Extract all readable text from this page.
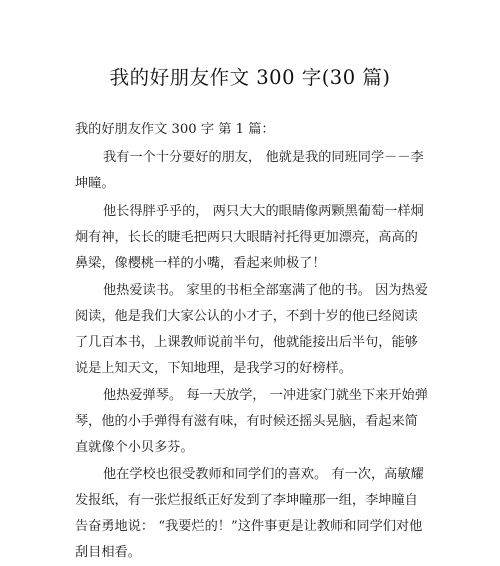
我的好朋友作文 300 字(30 篇)
我的好朋友作文 300 字 第 1 篇：
我有一个十分要好的朋友， 他就是我的同班同学－－李
坤瞳。
他长得胖乎乎的， 两只大大的眼睛像两颗黑葡萄一样炯
炯有神，长长的睫毛把两只大眼睛衬托得更加漂亮，高高的
鼻梁，像樱桃一样的小嘴，看起来帅极了！
他热爱读书。 家里的书柜全部塞满了他的书。 因为热爱
阅读，他是我们大家公认的小才子，不到十岁的他已经阅读
了几百本书，上课教师说前半句，他就能接出后半句，能够
说是上知天文，下知地理，是我学习的好榜样。
他热爱弹琴。 每一天放学， 一冲进家门就坐下来开始弹
琴，他的小手弹得有滋有味，有时候还摇头晃脑，看起来简
直就像个小贝多芬。
他在学校也很受教师和同学们的喜欢。 有一次，高敏耀
发报纸，有一张烂报纸正好发到了李坤瞳那一组，李坤瞳自
告奋勇地说： “我要烂的！”这件事更是让教师和同学们对他
刮目相看。
